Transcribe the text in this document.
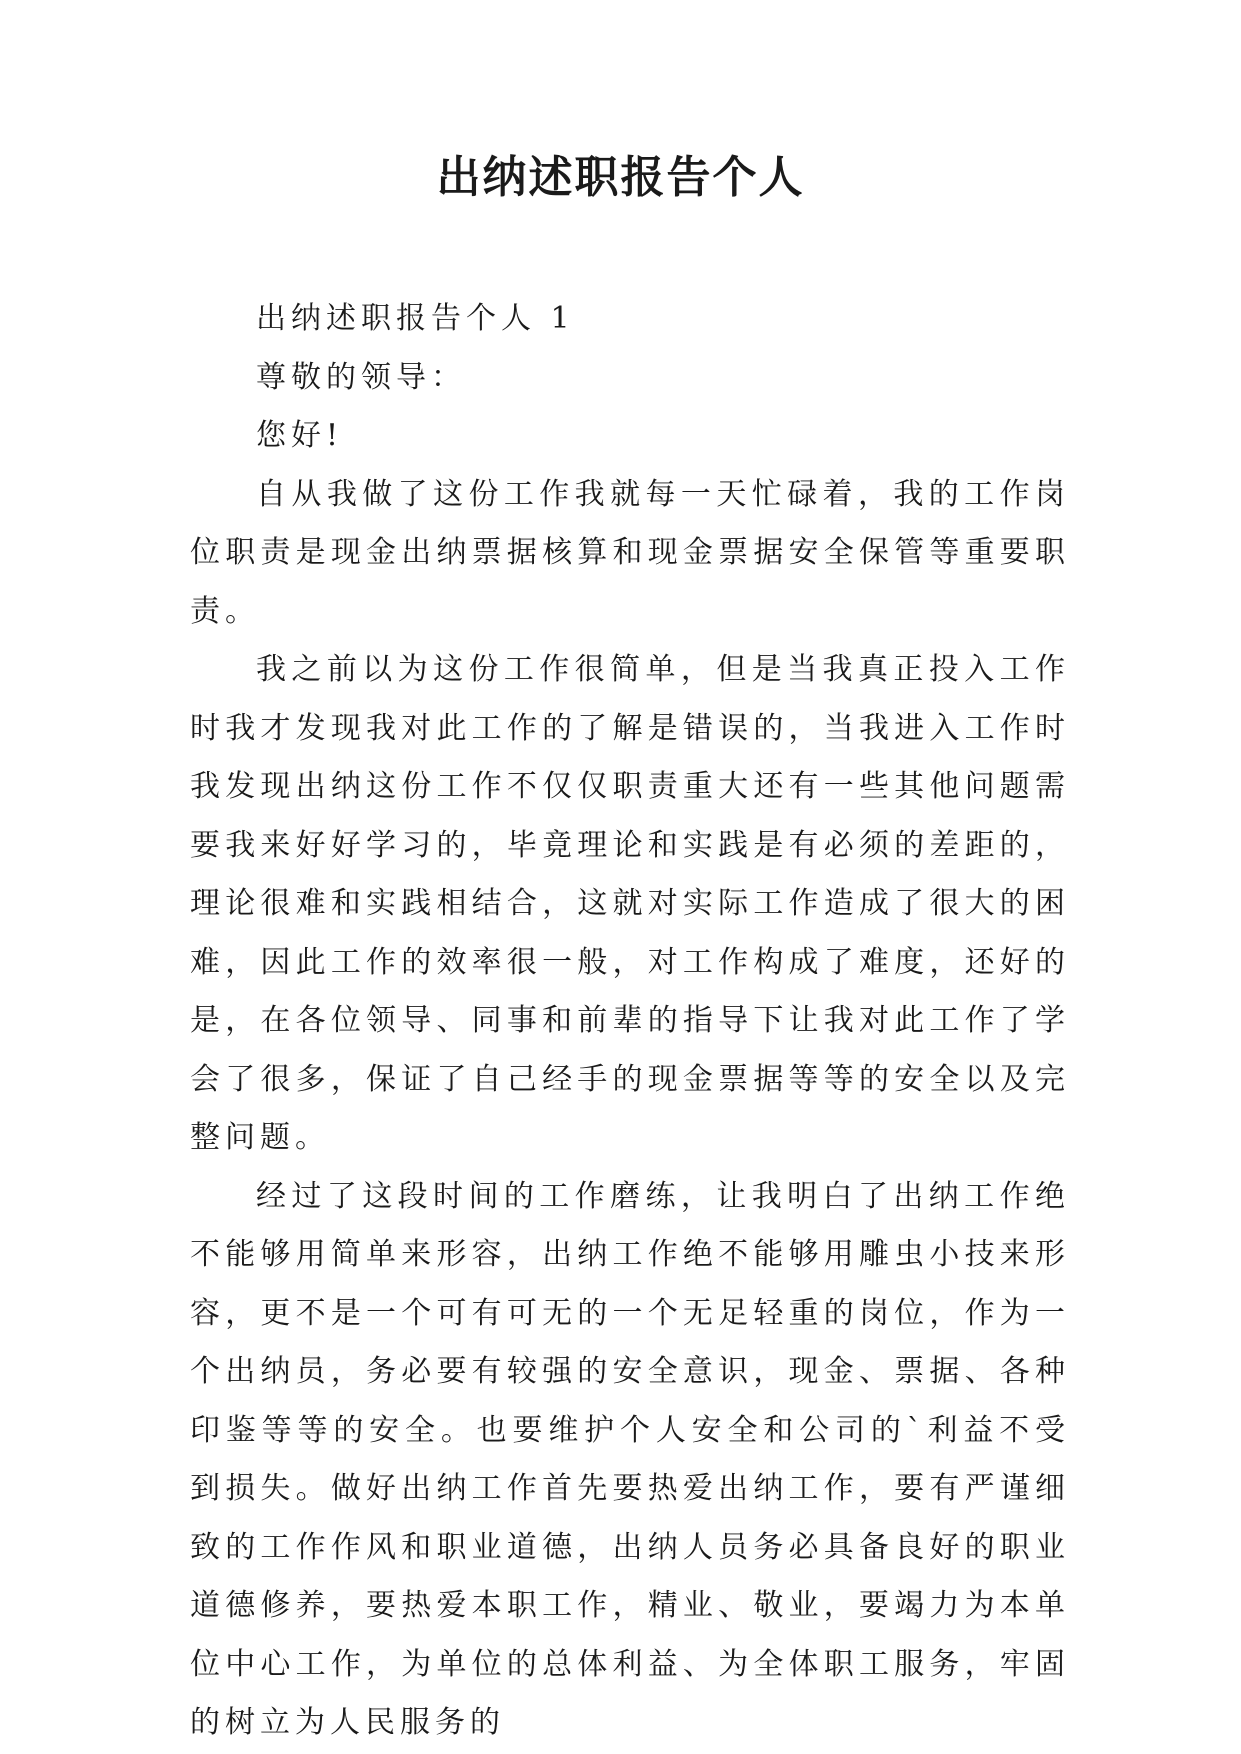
出纳述职报告个人

出纳述职报告个人 1

尊敬的领导：

您好!

自从我做了这份工作我就每一天忙碌着，我的工作岗位职责是现金出纳票据核算和现金票据安全保管等重要职责。

我之前以为这份工作很简单，但是当我真正投入工作时我才发现我对此工作的了解是错误的，当我进入工作时我发现出纳这份工作不仅仅职责重大还有一些其他问题需要我来好好学习的，毕竟理论和实践是有必须的差距的，理论很难和实践相结合，这就对实际工作造成了很大的困难，因此工作的效率很一般，对工作构成了难度，还好的是，在各位领导、同事和前辈的指导下让我对此工作了学会了很多，保证了自己经手的现金票据等等的安全以及完整问题。

经过了这段时间的工作磨练，让我明白了出纳工作绝不能够用简单来形容，出纳工作绝不能够用雕虫小技来形容，更不是一个可有可无的一个无足轻重的岗位，作为一个出纳员，务必要有较强的安全意识，现金、票据、各种印鉴等等的安全。也要维护个人安全和公司的`利益不受到损失。做好出纳工作首先要热爱出纳工作，要有严谨细致的工作作风和职业道德，出纳人员务必具备良好的职业道德修养，要热爱本职工作，精业、敬业，要竭力为本单位中心工作，为单位的总体利益、为全体职工服务，牢固的树立为人民服务的
